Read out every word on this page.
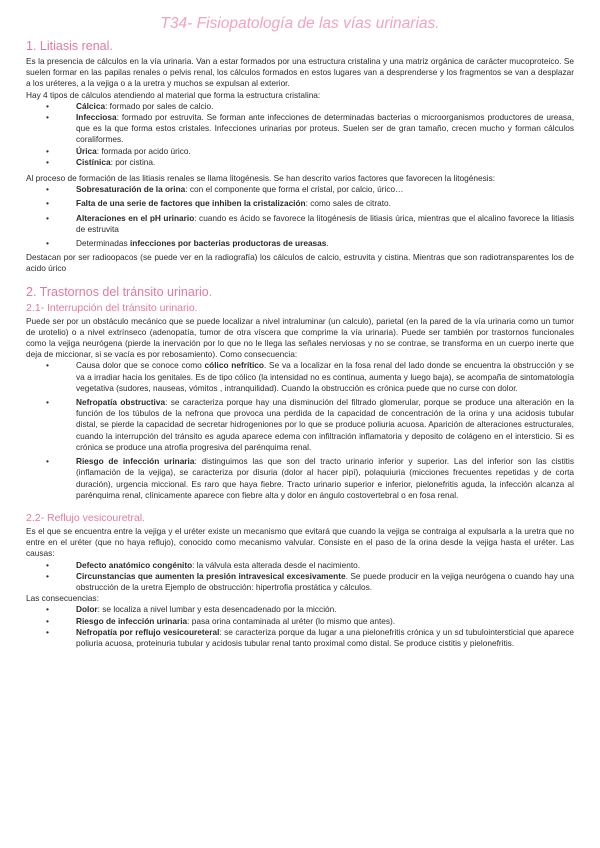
T34- Fisiopatología de las vías urinarias.
1. Litiasis renal.

Es la presencia de cálculos en la vía urinaria. Van a estar formados por una estructura cristalina y una matriz orgánica de carácter mucoproteico. Se suelen formar en las papilas renales o pelvis renal, los cálculos formados en estos lugares van a desprenderse y los fragmentos se van a desplazar a los uréteres, a la vejiga o a la uretra y muchos se expulsan al exterior.

Hay 4 tipos de cálculos atendiendo al material que forma la estructura cristalina:

• Cálcica: formado por sales de calcio.
• Infecciosa: formado por estruvita. Se forman ante infecciones de determinadas bacterias o microorganismos productores de ureasa, que es la que forma estos cristales. Infecciones urinarias por proteus. Suelen ser de gran tamaño, crecen mucho y forman cálculos coraliformes.
• Úrica: formada por acido úrico.
• Cistínica: por cistina.

Al proceso de formación de las litiasis renales se llama litogénesis. Se han descrito varios factores que favorecen la litogénesis:

• Sobresaturación de la orina: con el componente que forma el cristal, por calcio, úrico…
• Falta de una serie de factores que inhiben la cristalización: como sales de citrato.
• Alteraciones en el pH urinario: cuando es ácido se favorece la litogénesis de litiasis úrica, mientras que el alcalino favorece la litiasis de estruvita
• Determinadas infecciones por bacterias productoras de ureasas.

Destacan por ser radioopacos (se puede ver en la radiografía) los cálculos de calcio, estruvita y cistina. Mientras que son radiotransparentes los de acido úrico

2. Trastornos del tránsito urinario.
2.1- Interrupción del tránsito urinario.

Puede ser por un obstáculo mecánico que se puede localizar a nivel intraluminar (un calculo), parietal (en la pared de la vía urinaria como un tumor de urotelio) o a nivel extrínseco (adenopatía, tumor de otra víscera que comprime la vía urinaria). Puede ser también por trastornos funcionales como la vejiga neurógena (pierde la inervación por lo que no le llega las señales nerviosas y no se contrae, se transforma en un cuerpo inerte que deja de miccionar, si se vacía es por rebosamiento). Como consecuencia:

• Causa dolor que se conoce como cólico nefrítico. Se va a localizar en la fosa renal del lado donde se encuentra la obstrucción y se va a irradiar hacia los genitales. Es de tipo cólico (la intensidad no es continua, aumenta y luego baja), se acompaña de sintomatología vegetativa (sudores, nauseas, vómitos , intranquilidad). Cuando la obstrucción es crónica puede que no curse con dolor.
• Nefropatía obstructiva: se caracteriza porque hay una disminución del filtrado glomerular, porque se produce una alteración en la función de los túbulos de la nefrona que provoca una perdida de la capacidad de concentración de la orina y una acidosis tubular distal, se pierde la capacidad de secretar hidrogeniones por lo que se produce poliuria acuosa. Aparición de alteraciones estructurales, cuando la interrupción del tránsito es aguda aparece edema con infiltración inflamatoria y deposito de colágeno en el intersticio. Si es crónica se produce una atrofia progresiva del parénquima renal.
• Riesgo de infección urinaria: distinguimos las que son del tracto urinario inferior y superior. Las del inferior son las cistitis (inflamación de la vejiga), se caracteriza por disuria (dolor al hacer pipí), polaquiuria (micciones frecuentes repetidas y de corta duración), urgencia miccional. Es raro que haya fiebre. Tracto urinario superior e inferior, pielonefritis aguda, la infección alcanza al parénquima renal, clínicamente aparece con fiebre alta y dolor en ángulo costovertebral o en fosa renal.
2.2- Reflujo vesicouretral.

Es el que se encuentra entre la vejiga y el uréter existe un mecanismo que evitará que cuando la vejiga se contraiga al expulsarla a la uretra que no entre en el uréter (que no haya reflujo), conocido como mecanismo valvular. Consiste en el paso de la orina desde la vejiga hasta el uréter. Las causas:

• Defecto anatómico congénito: la válvula esta alterada desde el nacimiento.
• Circunstancias que aumenten la presión intravesical excesivamente. Se puede producir en la vejiga neurógena o cuando hay una obstrucción de la uretra Ejemplo de obstrucción: hipertrofia prostática y cálculos.

Las consecuencias:

• Dolor: se localiza a nivel lumbar y esta desencadenado por la micción.
• Riesgo de infección urinaria: pasa orina contaminada al uréter (lo mismo que antes).
• Nefropatía por reflujo vesicoureteral: se caracteriza porque da lugar a una pielonefritis crónica y un sd tubulointersticial que aparece poliuria acuosa, proteinuria tubular y acidosis tubular renal tanto proximal como distal. Se produce cistitis y pielonefritis.
